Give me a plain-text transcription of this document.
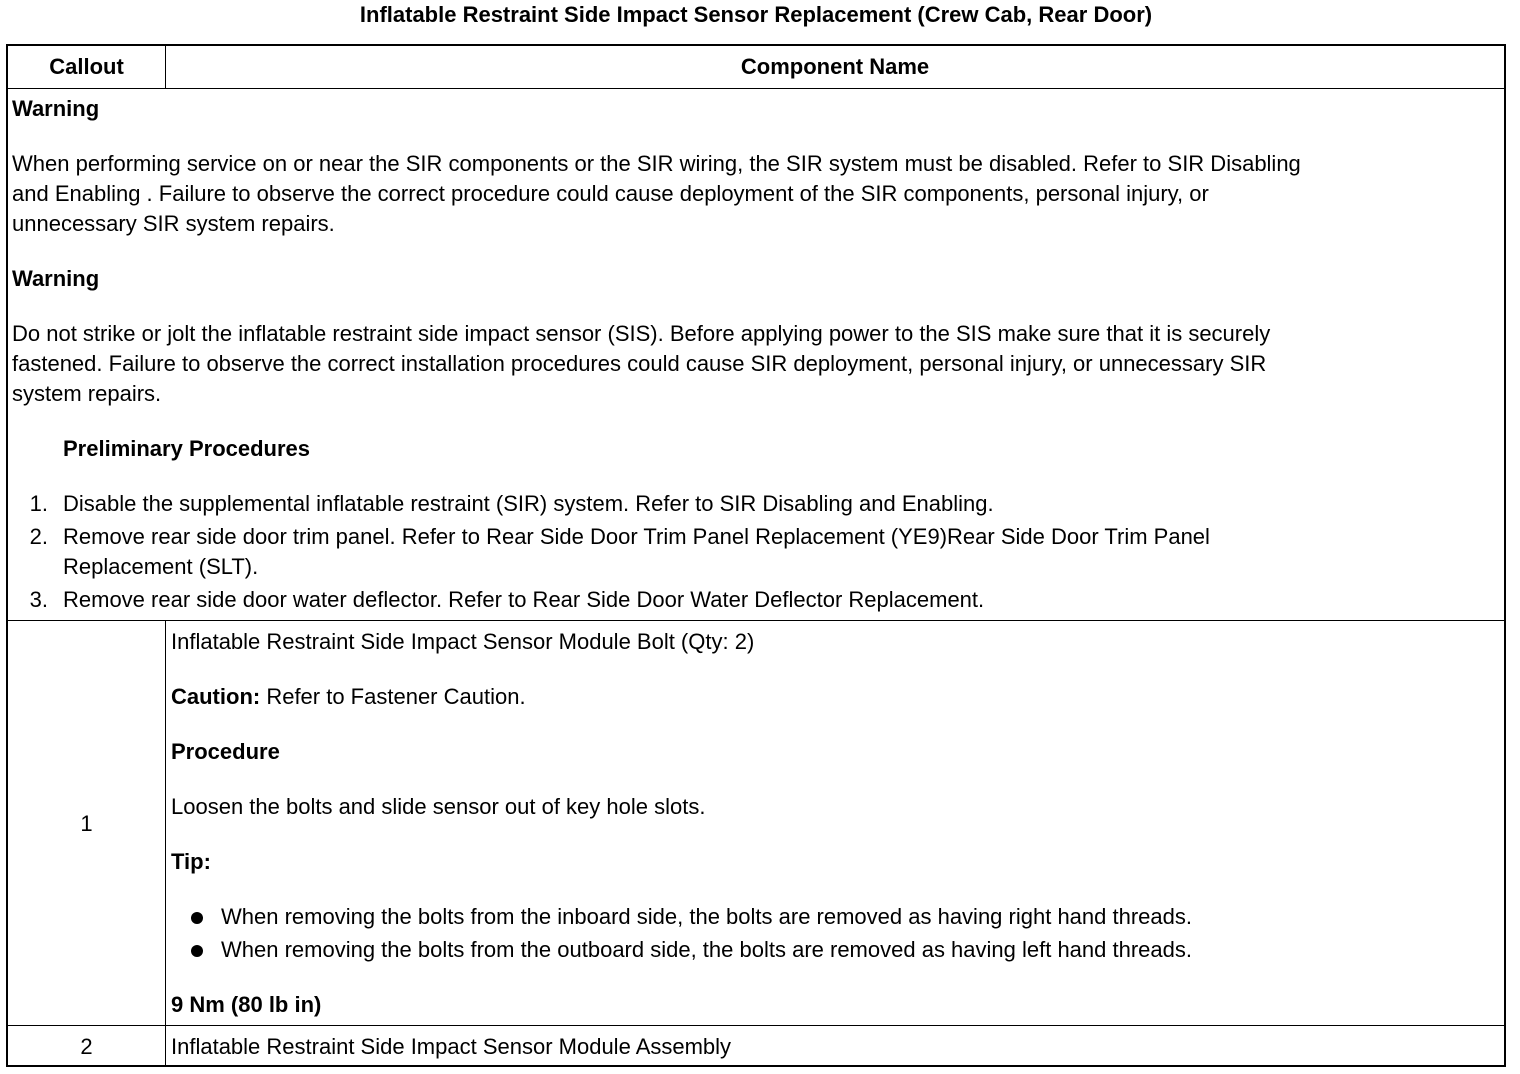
Inflatable Restraint Side Impact Sensor Replacement (Crew Cab, Rear Door)
Callout	Component Name
Warning
When performing service on or near the SIR components or the SIR wiring, the SIR system must be disabled. Refer to SIR Disabling
and Enabling . Failure to observe the correct procedure could cause deployment of the SIR components, personal injury, or
unnecessary SIR system repairs.
Warning
Do not strike or jolt the inflatable restraint side impact sensor (SIS). Before applying power to the SIS make sure that it is securely
fastened. Failure to observe the correct installation procedures could cause SIR deployment, personal injury, or unnecessary SIR
system repairs.
Preliminary Procedures
1. Disable the supplemental inflatable restraint (SIR) system. Refer to SIR Disabling and Enabling.
2. Remove rear side door trim panel. Refer to Rear Side Door Trim Panel Replacement (YE9)Rear Side Door Trim Panel
Replacement (SLT).
3. Remove rear side door water deflector. Refer to Rear Side Door Water Deflector Replacement.
1
Inflatable Restraint Side Impact Sensor Module Bolt (Qty: 2)
Caution: Refer to Fastener Caution.
Procedure
Loosen the bolts and slide sensor out of key hole slots.
Tip:
When removing the bolts from the inboard side, the bolts are removed as having right hand threads.
When removing the bolts from the outboard side, the bolts are removed as having left hand threads.
9 Nm (80 lb in)
2	Inflatable Restraint Side Impact Sensor Module Assembly
